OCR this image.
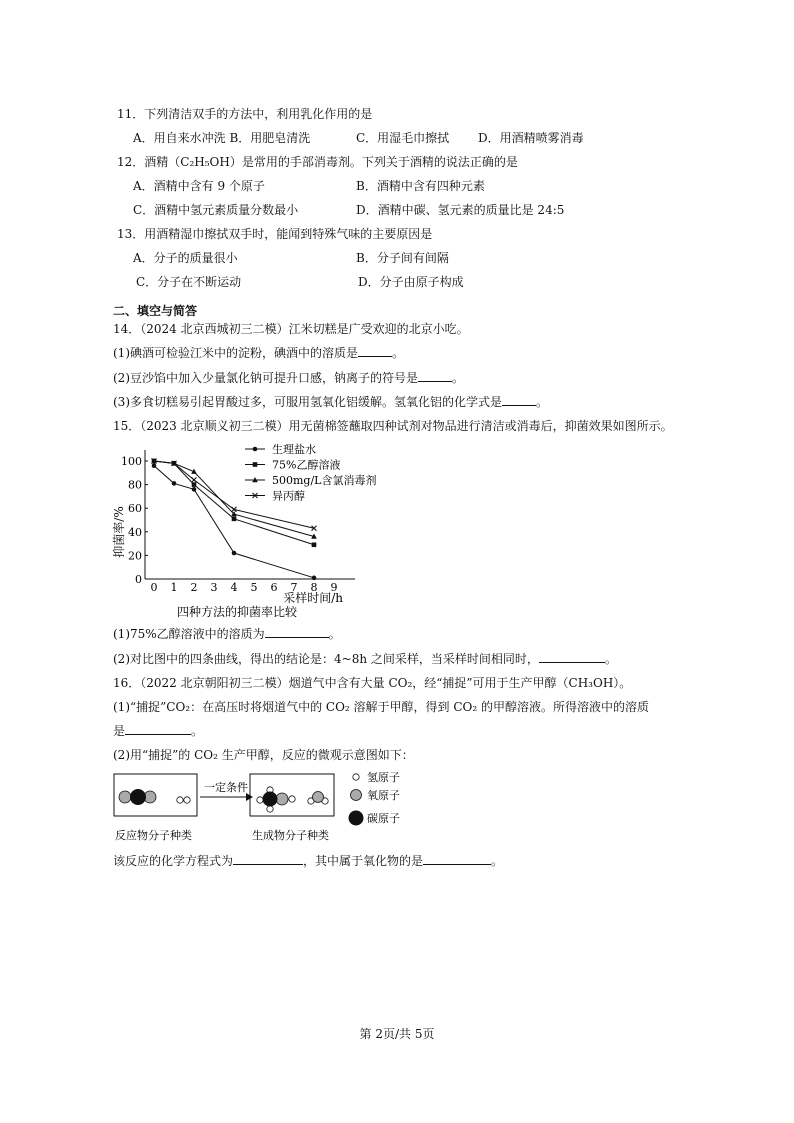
11．下列清洁双手的方法中，利用乳化作用的是
A．用自来水冲洗 B．用肥皂清洗	C．用湿毛巾擦拭 D．用酒精喷雾消毒
12．酒精（C₂H₅OH）是常用的手部消毒剂。下列关于酒精的说法正确的是
A．酒精中含有 9 个原子	B．酒精中含有四种元素
C．酒精中氢元素质量分数最小	D．酒精中碳、氢元素的质量比是 24:5
13．用酒精湿巾擦拭双手时，能闻到特殊气味的主要原因是
A．分子的质量很小	B．分子间有间隔
C．分子在不断运动	D．分子由原子构成
二、填空与简答
14．（2024 北京西城初三二模）江米切糕是广受欢迎的北京小吃。
(1)碘酒可检验江米中的淀粉，碘酒中的溶质是	。
(2)豆沙馅中加入少量氯化钠可提升口感，钠离子的符号是	。
(3)多食切糕易引起胃酸过多，可服用氢氧化铝缓解。氢氧化铝的化学式是	。
15．（2023 北京顺义初三二模）用无菌棉签蘸取四种试剂对物品进行清洁或消毒后，抑菌效果如图所示。
0 1 2 3 4 5 6 7 8 9
0
20
40
60
80
100
抑菌率/%
采样时间/h
四种方法的抑菌率比较
生理盐水
75%乙醇溶液
500mg/L含氯消毒剂
异丙醇
(1)75%乙醇溶液中的溶质为	。
(2)对比图中的四条曲线，得出的结论是：4~8h 之间采样，当采样时间相同时，	。
16．（2022 北京朝阳初三二模）烟道气中含有大量 CO₂，经“捕捉”可用于生产甲醇（CH₃OH）。
(1)“捕捉”CO₂：在高压时将烟道气中的 CO₂ 溶解于甲醇，得到 CO₂ 的甲醇溶液。所得溶液中的溶质
是	。
(2)用“捕捉”的 CO₂ 生产甲醇，反应的微观示意图如下：
一定条件
反应物分子种类	生成物分子种类
氢原子
氧原子
碳原子
该反应的化学方程式为	，其中属于氧化物的是	。
第 2页/共 5页
